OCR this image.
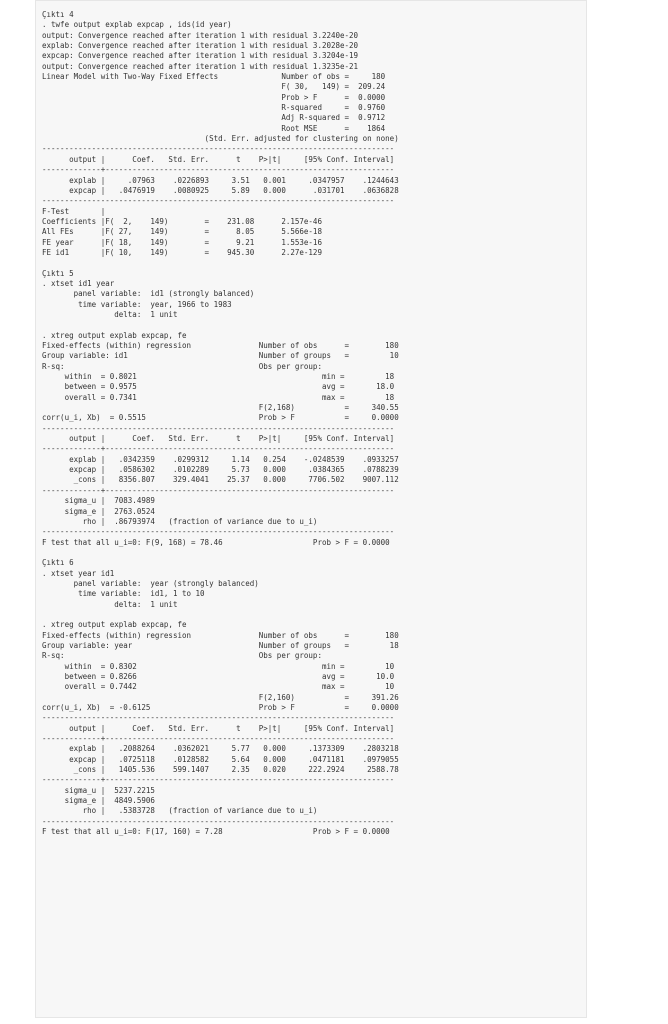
Çıktı 4
. twfe output explab expcap , ids(id year)
output: Convergence reached after iteration 1 with residual 3.2240e-20
explab: Convergence reached after iteration 1 with residual 3.2028e-20
expcap: Convergence reached after iteration 1 with residual 3.3204e-19
output: Convergence reached after iteration 1 with residual 1.3235e-21
Linear Model with Two-Way Fixed Effects              Number of obs =     180
F( 30,   149) =  209.24
Prob > F      =  0.0000
R-squared     =  0.9760
Adj R-squared =  0.9712
Root MSE      =    1864
(Std. Err. adjusted for clustering on none)
------------------------------------------------------------------------------
output |      Coef.   Std. Err.      t    P>|t|     [95% Conf. Interval]
-------------+----------------------------------------------------------------
explab |     .07963    .0226893     3.51   0.001     .0347957    .1244643
expcap |   .0476919    .0080925     5.89   0.000      .031701    .0636828
------------------------------------------------------------------------------
F-Test       |
Coefficients |F(  2,    149)        =    231.08      2.157e-46
All FEs      |F( 27,    149)        =      8.05      5.566e-18
FE year      |F( 18,    149)        =      9.21      1.553e-16
FE id1       |F( 10,    149)        =    945.30      2.27e-129
Çıktı 5
. xtset id1 year
panel variable:  id1 (strongly balanced)
time variable:  year, 1966 to 1983
delta:  1 unit
. xtreg output explab expcap, fe
Fixed-effects (within) regression               Number of obs      =        180
Group variable: id1                             Number of groups   =         10
R-sq:                                           Obs per group:
within  = 0.8021                                         min =         18
between = 0.9575                                         avg =       18.0
overall = 0.7341                                         max =         18
F(2,168)           =     340.55
corr(u_i, Xb)  = 0.5515                         Prob > F           =     0.0000
------------------------------------------------------------------------------
output |      Coef.   Std. Err.      t    P>|t|     [95% Conf. Interval]
-------------+----------------------------------------------------------------
explab |   .0342359    .0299312     1.14   0.254    -.0248539    .0933257
expcap |   .0586302    .0102289     5.73   0.000     .0384365    .0788239
_cons |   8356.807    329.4041    25.37   0.000     7706.502    9007.112
-------------+----------------------------------------------------------------
sigma_u |  7083.4989
sigma_e |  2763.0524
rho |  .86793974   (fraction of variance due to u_i)
------------------------------------------------------------------------------
F test that all u_i=0: F(9, 168) = 78.46                    Prob > F = 0.0000
Çıktı 6
. xtset year id1
panel variable:  year (strongly balanced)
time variable:  id1, 1 to 10
delta:  1 unit
. xtreg output explab expcap, fe
Fixed-effects (within) regression               Number of obs      =        180
Group variable: year                            Number of groups   =         18
R-sq:                                           Obs per group:
within  = 0.8302                                         min =         10
between = 0.8266                                         avg =       10.0
overall = 0.7442                                         max =         10
F(2,160)           =     391.26
corr(u_i, Xb)  = -0.6125                        Prob > F           =     0.0000
------------------------------------------------------------------------------
output |      Coef.   Std. Err.      t    P>|t|     [95% Conf. Interval]
-------------+----------------------------------------------------------------
explab |   .2088264    .0362021     5.77   0.000     .1373309    .2803218
expcap |   .0725118    .0128582     5.64   0.000     .0471181    .0979055
_cons |   1405.536    599.1407     2.35   0.020     222.2924     2588.78
-------------+----------------------------------------------------------------
sigma_u |  5237.2215
sigma_e |  4849.5906
rho |   .5383728   (fraction of variance due to u_i)
------------------------------------------------------------------------------
F test that all u_i=0: F(17, 160) = 7.28                    Prob > F = 0.0000
